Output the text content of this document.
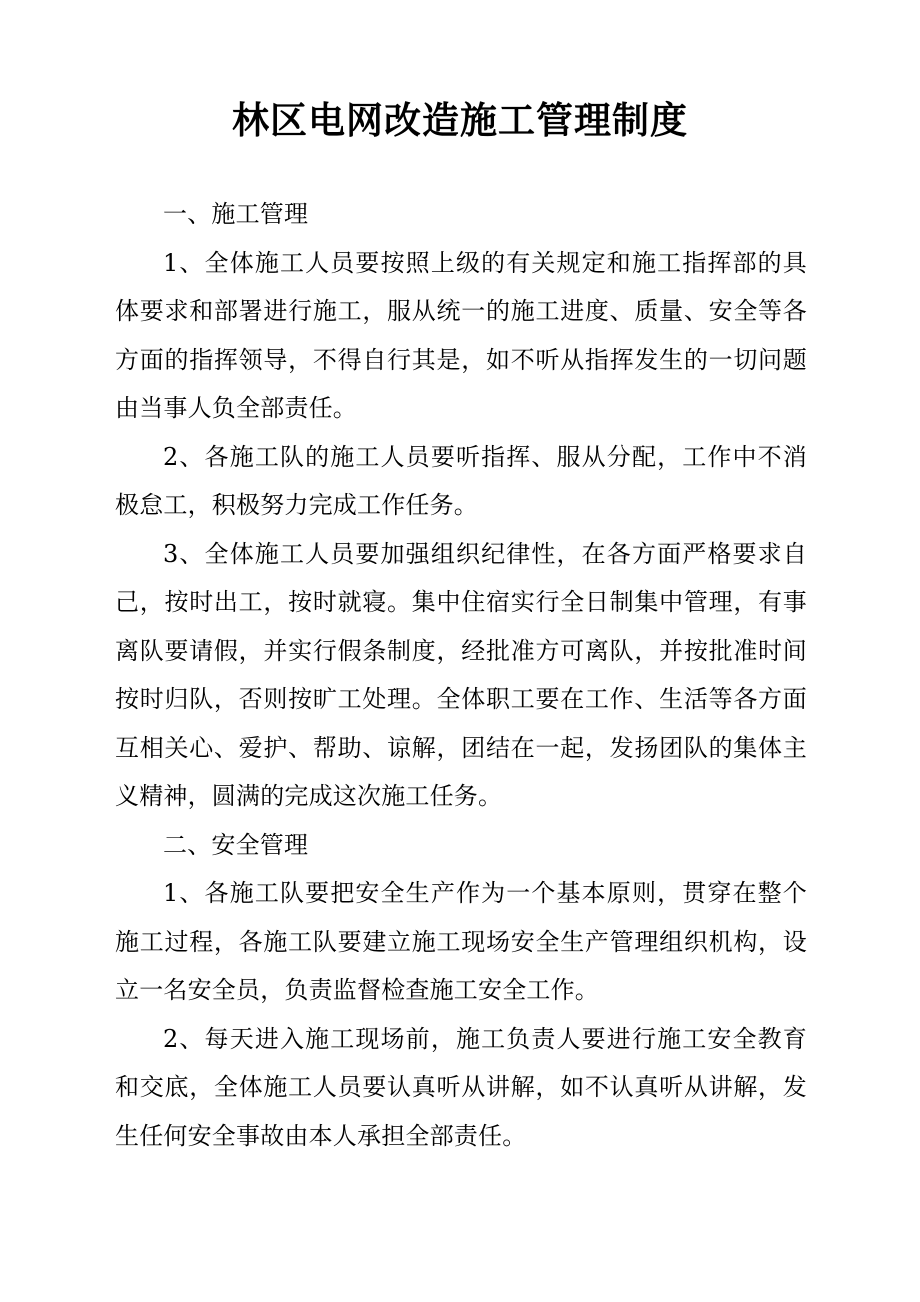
林区电网改造施工管理制度

一、施工管理

1、全体施工人员要按照上级的有关规定和施工指挥部的具体要求和部署进行施工，服从统一的施工进度、质量、安全等各方面的指挥领导，不得自行其是，如不听从指挥发生的一切问题由当事人负全部责任。

2、各施工队的施工人员要听指挥、服从分配，工作中不消极怠工，积极努力完成工作任务。

3、全体施工人员要加强组织纪律性，在各方面严格要求自己，按时出工，按时就寝。集中住宿实行全日制集中管理，有事离队要请假，并实行假条制度，经批准方可离队，并按批准时间按时归队，否则按旷工处理。全体职工要在工作、生活等各方面互相关心、爱护、帮助、谅解，团结在一起，发扬团队的集体主义精神，圆满的完成这次施工任务。

二、安全管理

1、各施工队要把安全生产作为一个基本原则，贯穿在整个施工过程，各施工队要建立施工现场安全生产管理组织机构，设立一名安全员，负责监督检查施工安全工作。

2、每天进入施工现场前，施工负责人要进行施工安全教育和交底，全体施工人员要认真听从讲解，如不认真听从讲解，发生任何安全事故由本人承担全部责任。
